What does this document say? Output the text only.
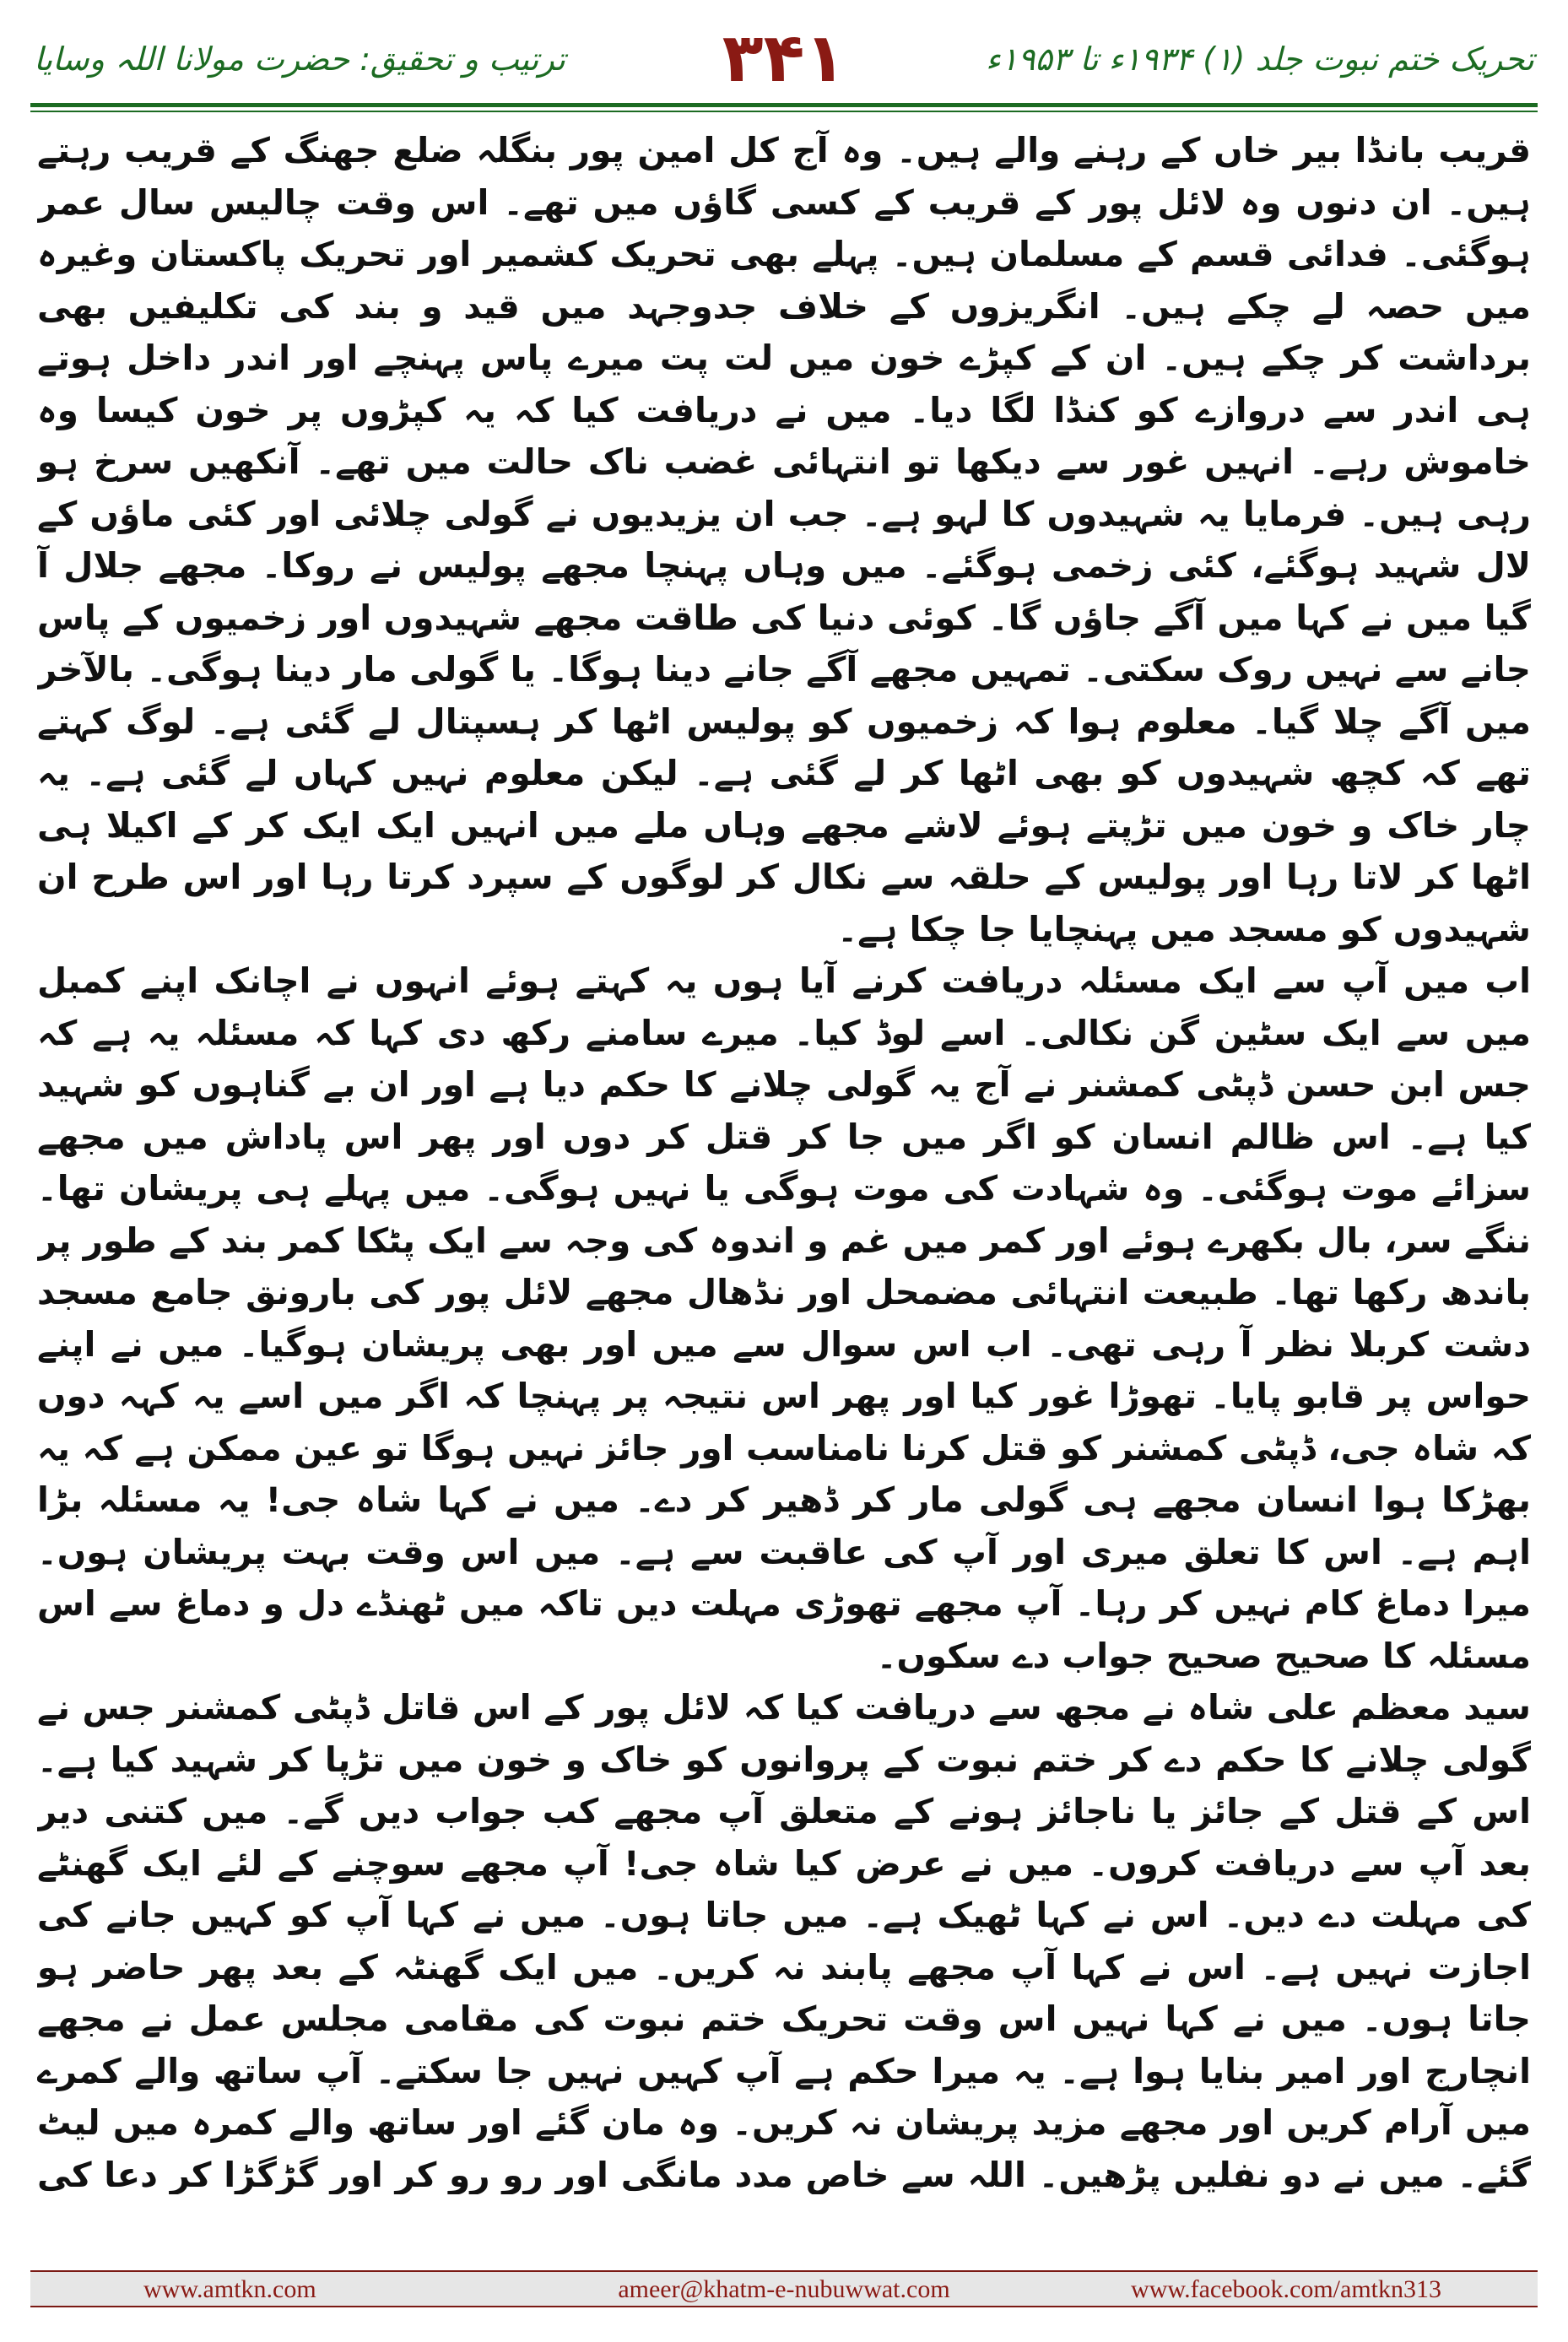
ترتیب و تحقیق: حضرت مولانا اللہ وسایا	۳۴۱	تحریک ختم نبوت جلد (۱) ۱۹۳۴ء تا ۱۹۵۳ء

قریب بانڈا بیر خاں کے رہنے والے ہیں۔ وہ آج کل امین پور بنگلہ ضلع جھنگ کے قریب رہتے ہیں۔ ان دنوں وہ لائل پور کے قریب کے کسی گاؤں میں تھے۔ اس وقت چالیس سال عمر ہوگئی۔ فدائی قسم کے مسلمان ہیں۔ پہلے بھی تحریک کشمیر اور تحریک پاکستان وغیرہ میں حصہ لے چکے ہیں۔ انگریزوں کے خلاف جدوجہد میں قید و بند کی تکلیفیں بھی برداشت کر چکے ہیں۔ ان کے کپڑے خون میں لت پت میرے پاس پہنچے اور اندر داخل ہوتے ہی اندر سے دروازے کو کنڈا لگا دیا۔ میں نے دریافت کیا کہ یہ کپڑوں پر خون کیسا وہ خاموش رہے۔ انہیں غور سے دیکھا تو انتہائی غضب ناک حالت میں تھے۔ آنکھیں سرخ ہو رہی ہیں۔ فرمایا یہ شہیدوں کا لہو ہے۔ جب ان یزیدیوں نے گولی چلائی اور کئی ماؤں کے لال شہید ہوگئے، کئی زخمی ہوگئے۔ میں وہاں پہنچا مجھے پولیس نے روکا۔ مجھے جلال آ گیا میں نے کہا میں آگے جاؤں گا۔ کوئی دنیا کی طاقت مجھے شہیدوں اور زخمیوں کے پاس جانے سے نہیں روک سکتی۔ تمہیں مجھے آگے جانے دینا ہوگا۔ یا گولی مار دینا ہوگی۔ بالآخر میں آگے چلا گیا۔ معلوم ہوا کہ زخمیوں کو پولیس اٹھا کر ہسپتال لے گئی ہے۔ لوگ کہتے تھے کہ کچھ شہیدوں کو بھی اٹھا کر لے گئی ہے۔ لیکن معلوم نہیں کہاں لے گئی ہے۔ یہ چار خاک و خون میں تڑپتے ہوئے لاشے مجھے وہاں ملے میں انہیں ایک ایک کر کے اکیلا ہی اٹھا کر لاتا رہا اور پولیس کے حلقہ سے نکال کر لوگوں کے سپرد کرتا رہا اور اس طرح ان شہیدوں کو مسجد میں پہنچایا جا چکا ہے۔

اب میں آپ سے ایک مسئلہ دریافت کرنے آیا ہوں یہ کہتے ہوئے انہوں نے اچانک اپنے کمبل میں سے ایک سٹین گن نکالی۔ اسے لوڈ کیا۔ میرے سامنے رکھ دی کہا کہ مسئلہ یہ ہے کہ جس ابن حسن ڈپٹی کمشنر نے آج یہ گولی چلانے کا حکم دیا ہے اور ان بے گناہوں کو شہید کیا ہے۔ اس ظالم انسان کو اگر میں جا کر قتل کر دوں اور پھر اس پاداش میں مجھے سزائے موت ہوگئی۔ وہ شہادت کی موت ہوگی یا نہیں ہوگی۔ میں پہلے ہی پریشان تھا۔ ننگے سر، بال بکھرے ہوئے اور کمر میں غم و اندوہ کی وجہ سے ایک پٹکا کمر بند کے طور پر باندھ رکھا تھا۔ طبیعت انتہائی مضمحل اور نڈھال مجھے لائل پور کی بارونق جامع مسجد دشت کربلا نظر آ رہی تھی۔ اب اس سوال سے میں اور بھی پریشان ہوگیا۔ میں نے اپنے حواس پر قابو پایا۔ تھوڑا غور کیا اور پھر اس نتیجہ پر پہنچا کہ اگر میں اسے یہ کہہ دوں کہ شاہ جی، ڈپٹی کمشنر کو قتل کرنا نامناسب اور جائز نہیں ہوگا تو عین ممکن ہے کہ یہ بھڑکا ہوا انسان مجھے ہی گولی مار کر ڈھیر کر دے۔ میں نے کہا شاہ جی! یہ مسئلہ بڑا اہم ہے۔ اس کا تعلق میری اور آپ کی عاقبت سے ہے۔ میں اس وقت بہت پریشان ہوں۔ میرا دماغ کام نہیں کر رہا۔ آپ مجھے تھوڑی مہلت دیں تاکہ میں ٹھنڈے دل و دماغ سے اس مسئلہ کا صحیح صحیح جواب دے سکوں۔

سید معظم علی شاہ نے مجھ سے دریافت کیا کہ لائل پور کے اس قاتل ڈپٹی کمشنر جس نے گولی چلانے کا حکم دے کر ختم نبوت کے پروانوں کو خاک و خون میں تڑپا کر شہید کیا ہے۔ اس کے قتل کے جائز یا ناجائز ہونے کے متعلق آپ مجھے کب جواب دیں گے۔ میں کتنی دیر بعد آپ سے دریافت کروں۔ میں نے عرض کیا شاہ جی! آپ مجھے سوچنے کے لئے ایک گھنٹے کی مہلت دے دیں۔ اس نے کہا ٹھیک ہے۔ میں جاتا ہوں۔ میں نے کہا آپ کو کہیں جانے کی اجازت نہیں ہے۔ اس نے کہا آپ مجھے پابند نہ کریں۔ میں ایک گھنٹہ کے بعد پھر حاضر ہو جاتا ہوں۔ میں نے کہا نہیں اس وقت تحریک ختم نبوت کی مقامی مجلس عمل نے مجھے انچارج اور امیر بنایا ہوا ہے۔ یہ میرا حکم ہے آپ کہیں نہیں جا سکتے۔ آپ ساتھ والے کمرے میں آرام کریں اور مجھے مزید پریشان نہ کریں۔ وہ مان گئے اور ساتھ والے کمرہ میں لیٹ گئے۔ میں نے دو نفلیں پڑھیں۔ اللہ سے خاص مدد مانگی اور رو رو کر اور گڑگڑا کر دعا کی

www.amtkn.com	ameer@khatm-e-nubuwwat.com	www.facebook.com/amtkn313
